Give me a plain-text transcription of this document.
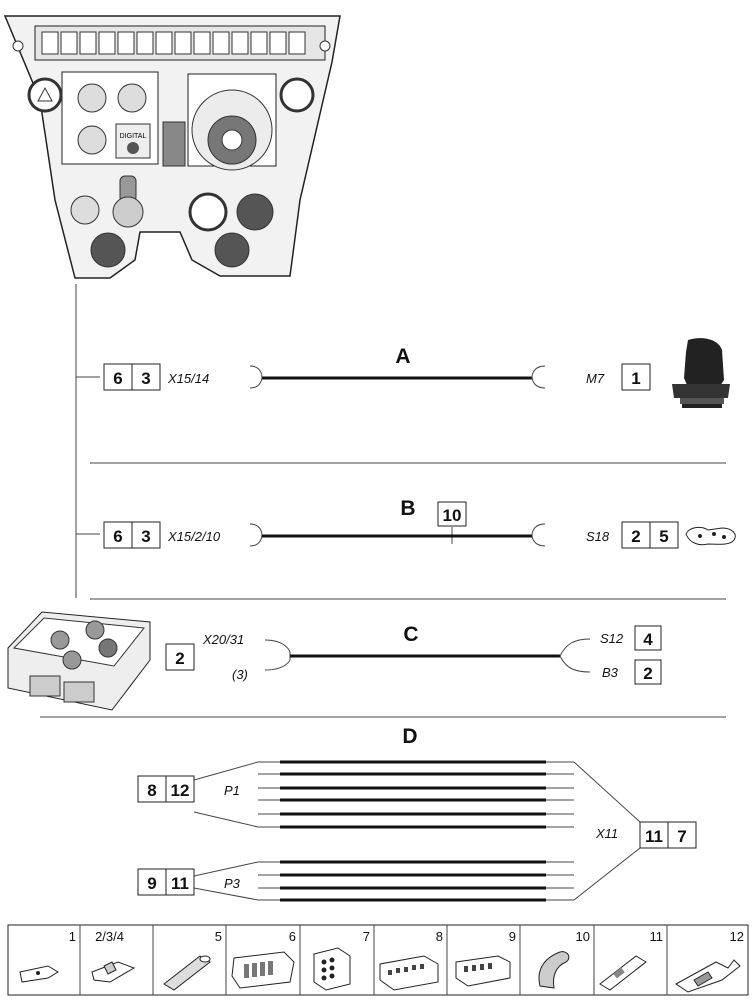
DIGITAL
A
6 3 X15/14	M7 1
B 10
6 3 X15/2/10	S18 2 5
C
2
X20/31
(3)
S12 4
B3 2
D
8 12	P1
9 11	P3
X11 11 7
1 2/3/4	5	6	7	8	9	10	11	12
